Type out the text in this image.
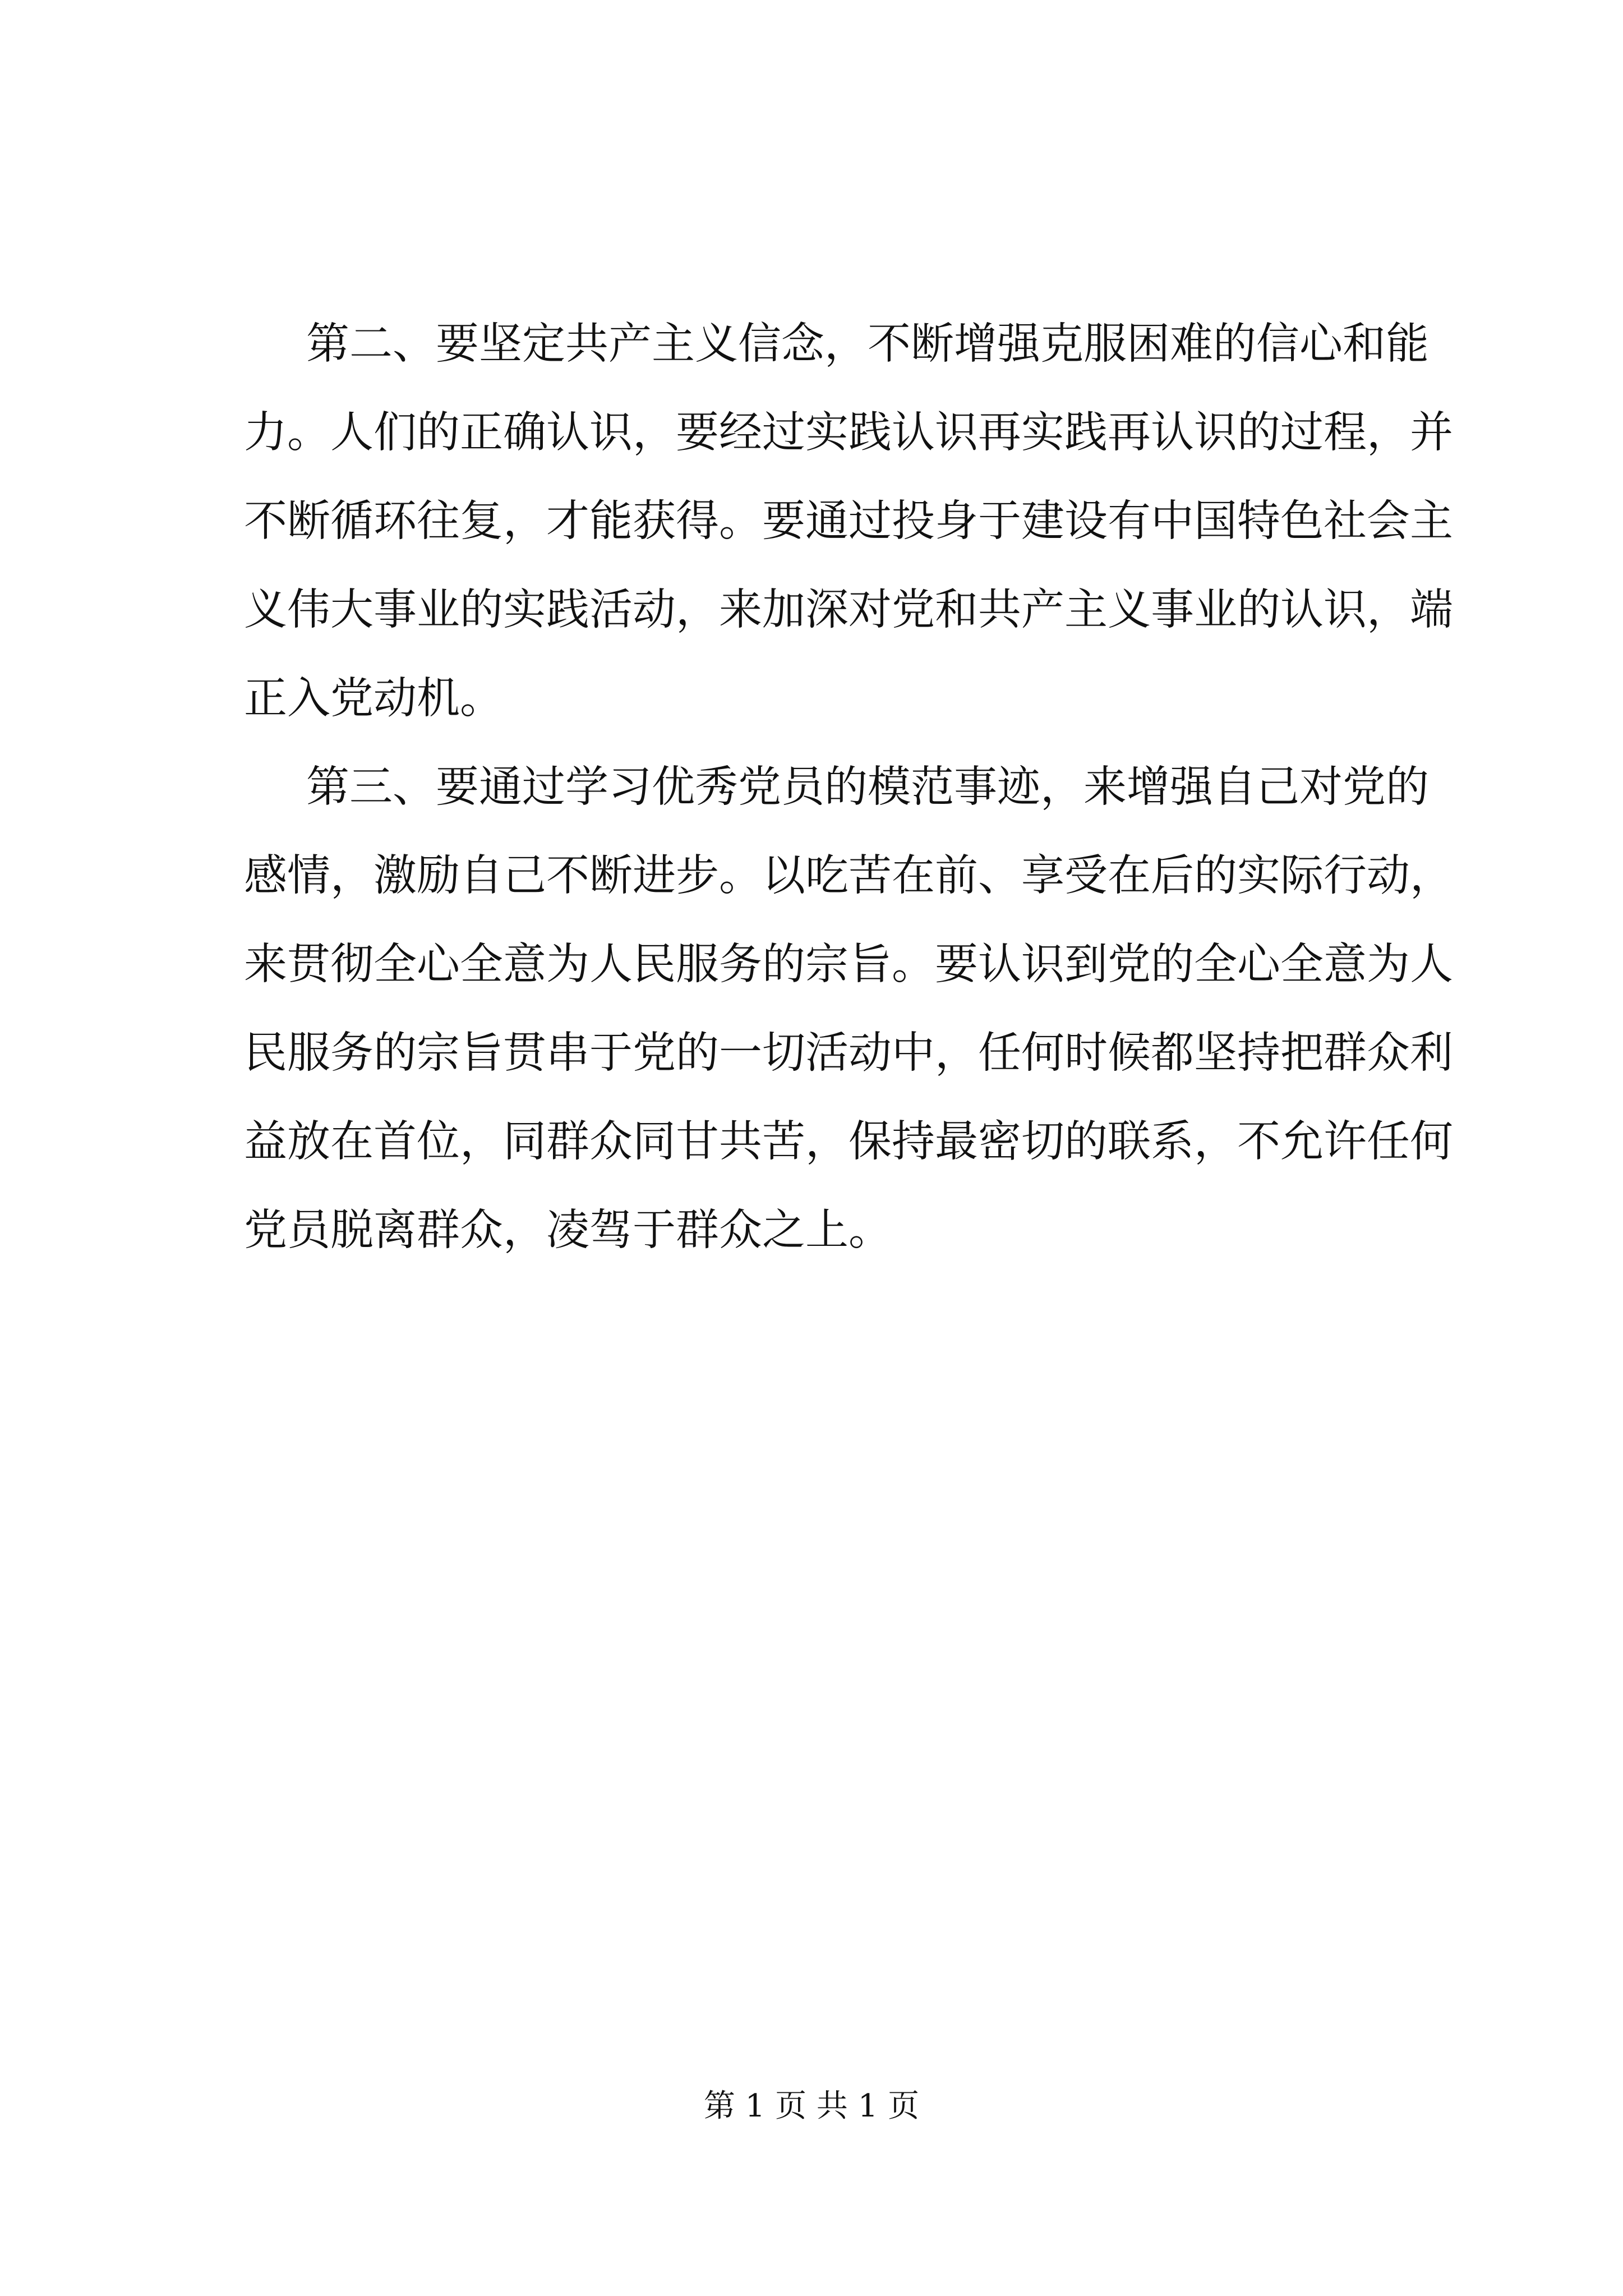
第二、要坚定共产主义信念，不断增强克服困难的信心和能
力。人们的正确认识，要经过实践认识再实践再认识的过程，并
不断循环往复，才能获得。要通过投身于建设有中国特色社会主
义伟大事业的实践活动，来加深对党和共产主义事业的认识，端
正入党动机。
第三、要通过学习优秀党员的模范事迹，来增强自己对党的
感情，激励自己不断进步。以吃苦在前、享受在后的实际行动，
来贯彻全心全意为人民服务的宗旨。要认识到党的全心全意为人
民服务的宗旨贯串于党的一切活动中，任何时候都坚持把群众利
益放在首位，同群众同甘共苦，保持最密切的联系，不允许任何
党员脱离群众，凌驾于群众之上。
第 1 页 共 1 页
